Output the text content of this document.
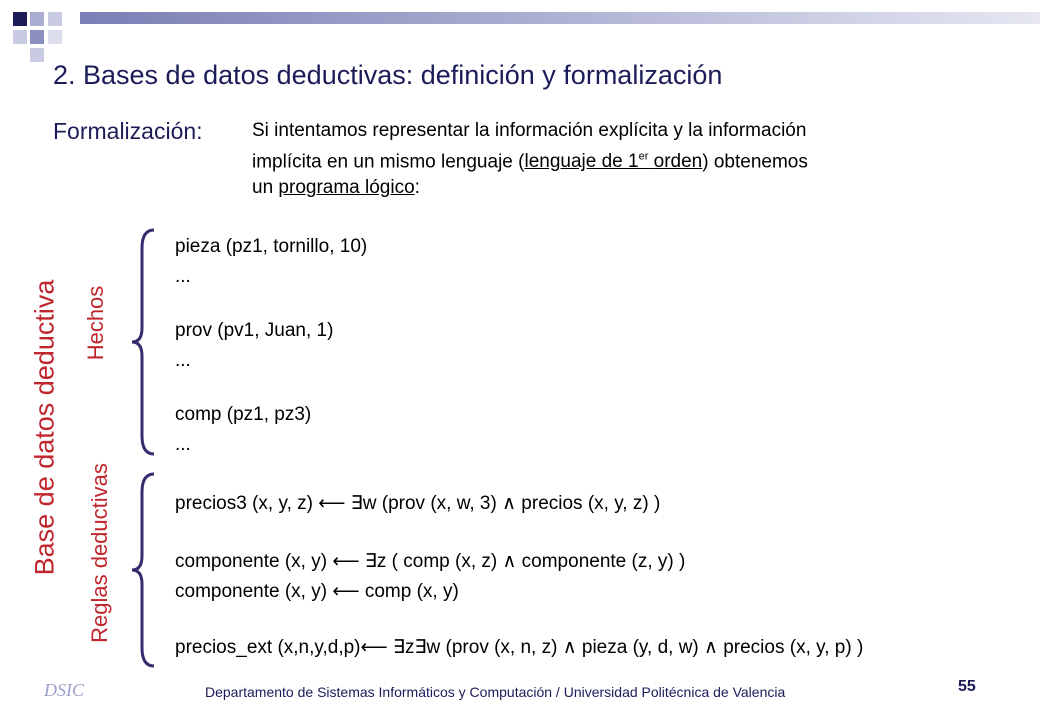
2. Bases de datos deductivas: definición y formalización
Formalización:	Si intentamos representar la información explícita y la información
implícita en un mismo lenguaje (lenguaje de 1er orden) obtenemos
un programa lógico:
Base de datos deductiva Hechos
Reglas deductivas
pieza (pz1, tornillo, 10)
...
prov (pv1, Juan, 1)
...
comp (pz1, pz3)
...
precios3 (x, y, z) ⟵ ∃w (prov (x, w, 3) ∧ precios (x, y, z) )
componente (x, y) ⟵ ∃z ( comp (x, z) ∧ componente (z, y) )
componente (x, y) ⟵ comp (x, y)
precios_ext (x,n,y,d,p)⟵ ∃z∃w (prov (x, n, z) ∧ pieza (y, d, w) ∧ precios (x, y, p) )
DSIC	Departamento de Sistemas Informáticos y Computación / Universidad Politécnica de Valencia	55
